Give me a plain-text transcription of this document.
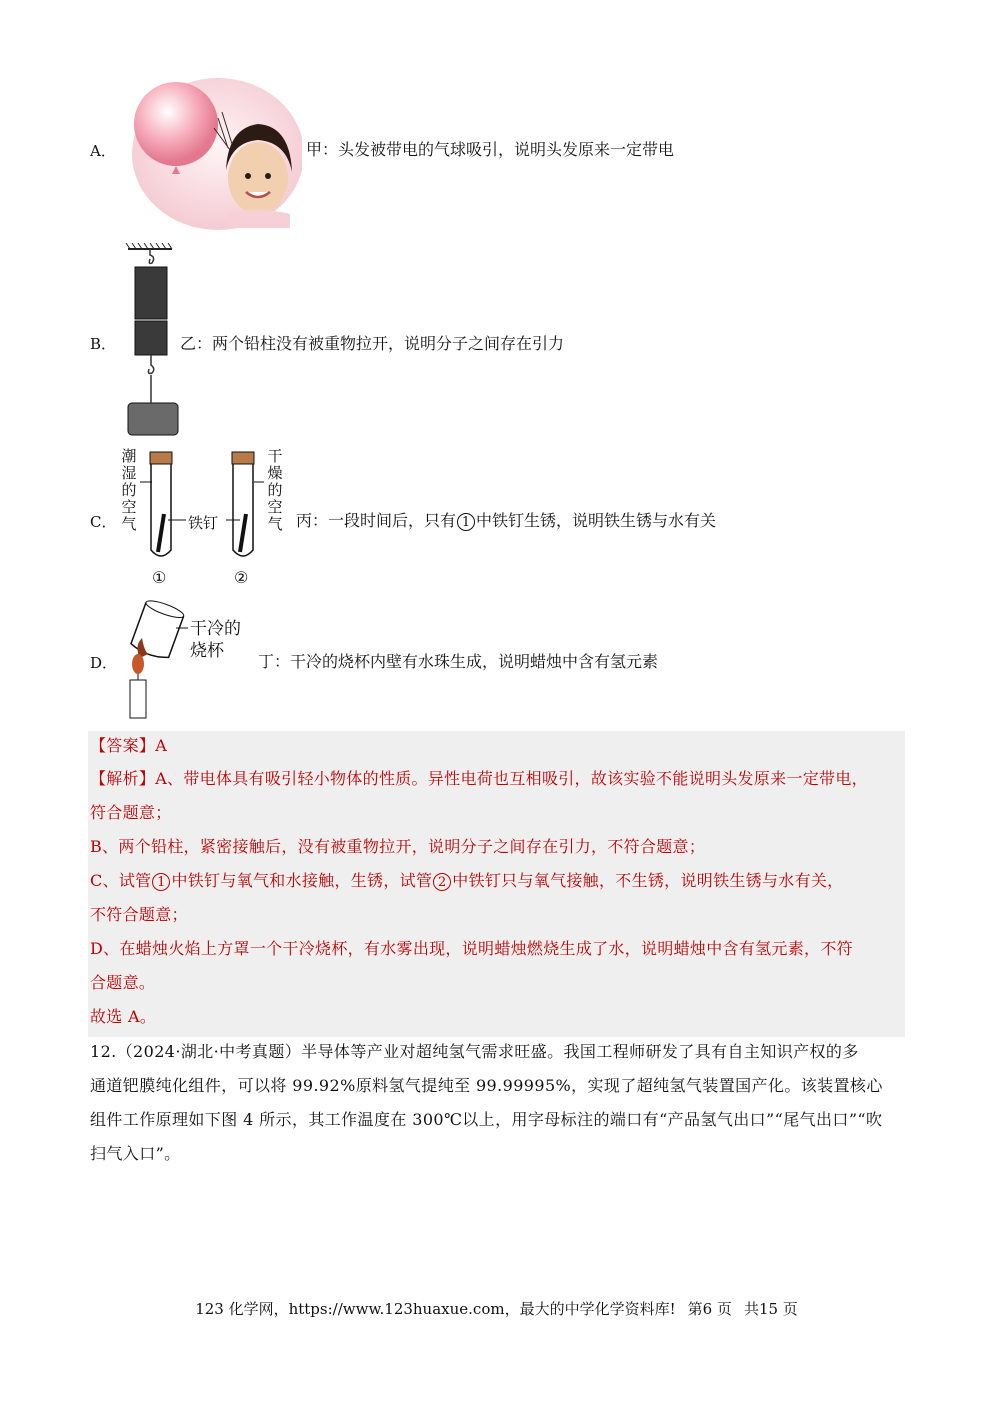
A．	甲：头发被带电的气球吸引，说明头发原来一定带电
B．	乙：两个铅柱没有被重物拉开，说明分子之间存在引力
C．
潮
湿
的
空
气
干
燥
的
空
气
铁钉
①	②
丙：一段时间后，只有 1 中铁钉生锈，说明铁生锈与水有关
D．
干冷的
烧杯
丁：干冷的烧杯内壁有水珠生成，说明蜡烛中含有氢元素
【答案】A
【解析】A、带电体具有吸引轻小物体的性质。异性电荷也互相吸引，故该实验不能说明头发原来一定带电，
符合题意；
B、两个铅柱，紧密接触后，没有被重物拉开，说明分子之间存在引力，不符合题意；
C、试管 1 中铁钉与氧气和水接触，生锈，试管 2 中铁钉只与氧气接触，不生锈，说明铁生锈与水有关，
不符合题意；
D、在蜡烛火焰上方罩一个干冷烧杯，有水雾出现，说明蜡烛燃烧生成了水，说明蜡烛中含有氢元素，不符
合题意。
故选 A。
12.（2024·湖北·中考真题）半导体等产业对超纯氢气需求旺盛。我国工程师研发了具有自主知识产权的多
通道钯膜纯化组件，可以将 99.92%原料氢气提纯至 99.99995%，实现了超纯氢气装置国产化。该装置核心
组件工作原理如下图 4 所示，其工作温度在 300℃以上，用字母标注的端口有“产品氢气出口”“尾气出口”“吹
扫气入口”。
123 化学网，https://www.123huaxue.com，最大的中学化学资料库! 第6 页 共15 页
